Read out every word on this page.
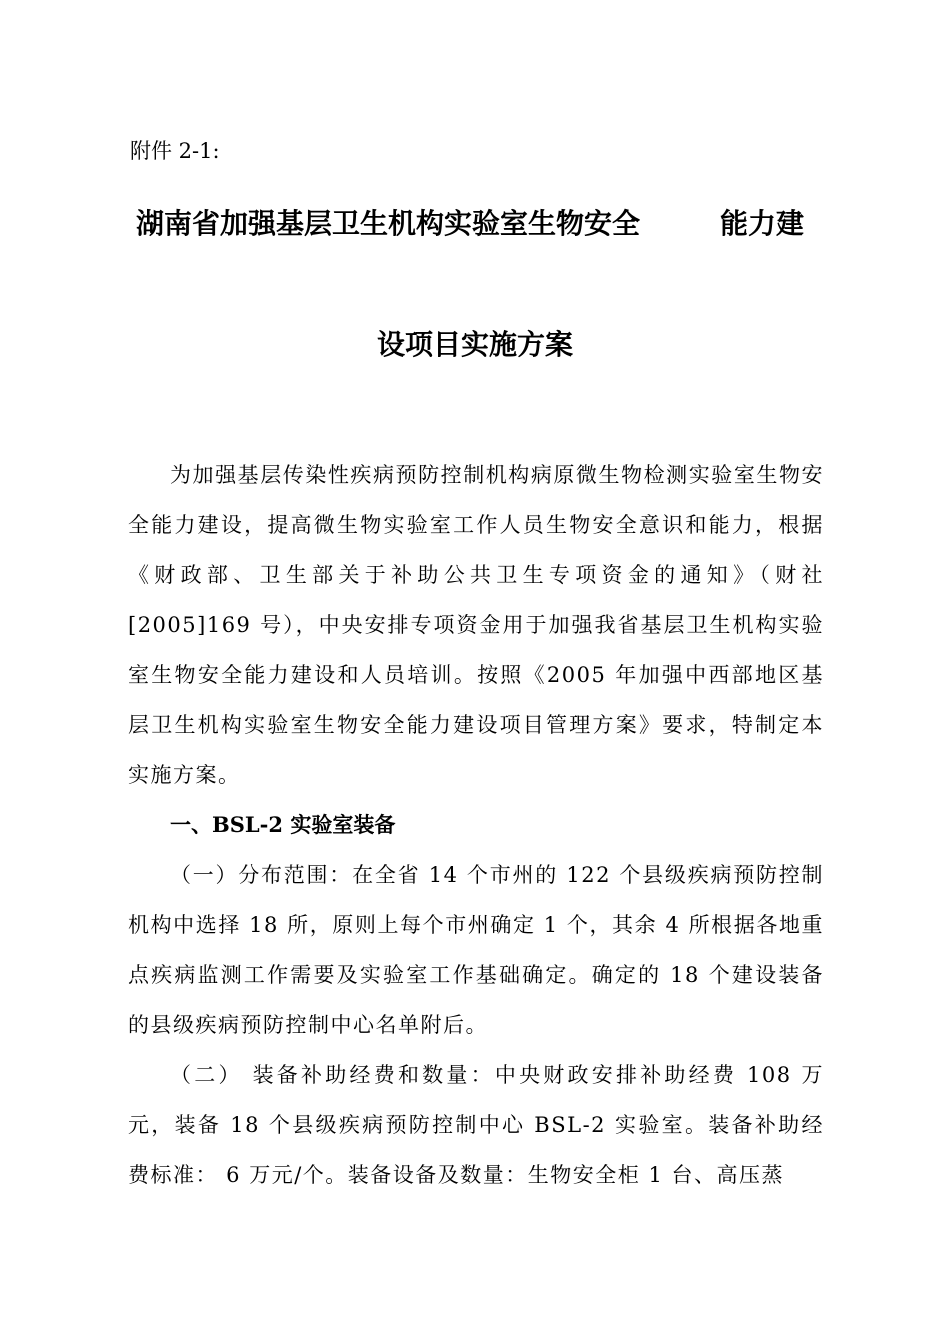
附件 2-1:
湖南省加强基层卫生机构实验室生物安全	能力建
设项目实施方案

为加强基层传染性疾病预防控制机构病原微生物检测实验室生物安全能力建设，提高微生物实验室工作人员生物安全意识和能力，根据《财政部、卫生部关于补助公共卫生专项资金的通知》（财社[2005]169 号），中央安排专项资金用于加强我省基层卫生机构实验室生物安全能力建设和人员培训。按照《2005 年加强中西部地区基层卫生机构实验室生物安全能力建设项目管理方案》要求，特制定本实施方案。

一、BSL-2 实验室装备

（一）分布范围：在全省 14 个市州的 122 个县级疾病预防控制机构中选择 18 所，原则上每个市州确定 1 个，其余 4 所根据各地重点疾病监测工作需要及实验室工作基础确定。确定的 18 个建设装备的县级疾病预防控制中心名单附后。

（二） 装备补助经费和数量：中央财政安排补助经费 108 万元，装备 18 个县级疾病预防控制中心 BSL-2 实验室。装备补助经费标准： 6 万元/个。装备设备及数量：生物安全柜 1 台、高压蒸
